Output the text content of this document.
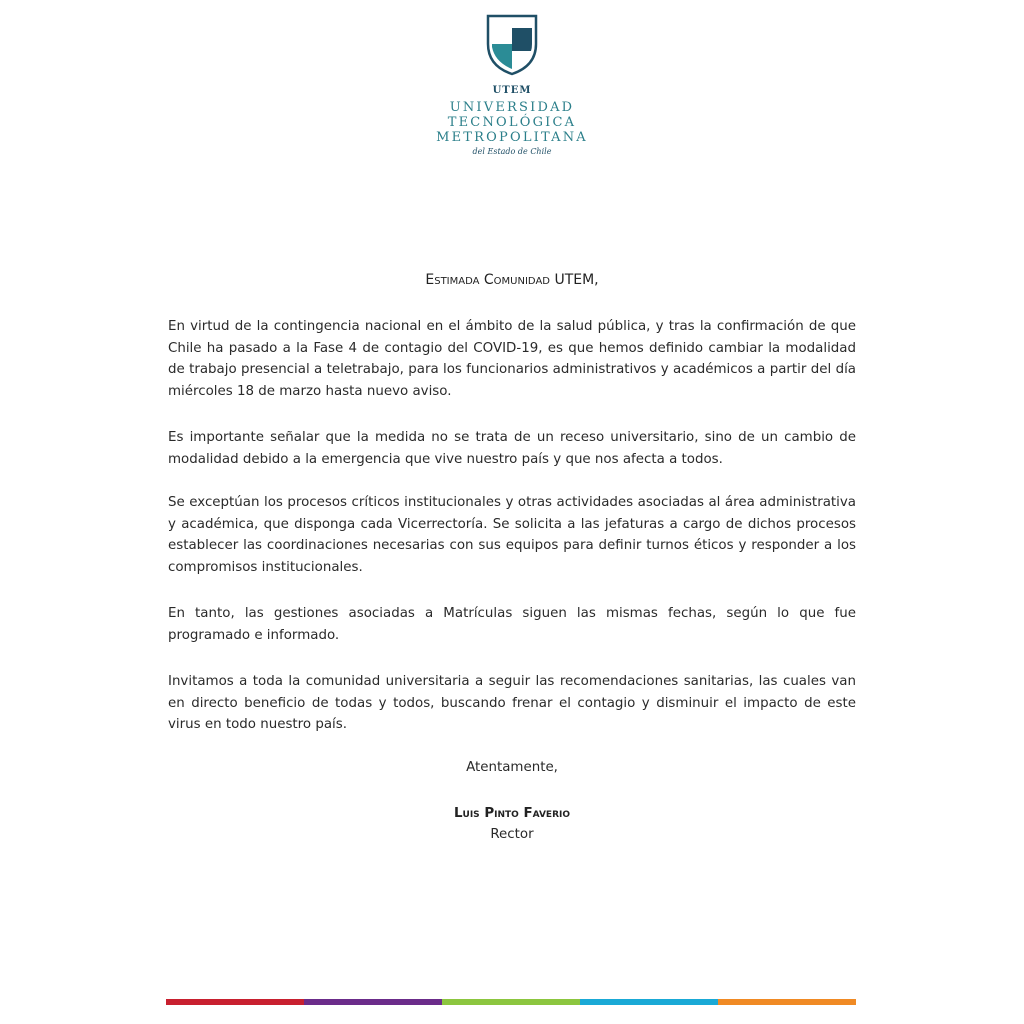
UTEM
UNIVERSIDAD
TECNOLÓGICA
METROPOLITANA
del Estado de Chile
Estimada Comunidad UTEM,

En virtud de la contingencia nacional en el ámbito de la salud pública, y tras la confirmación de que Chile ha pasado a la Fase 4 de contagio del COVID-19, es que hemos definido cambiar la modalidad de trabajo presencial a teletrabajo, para los funcionarios administrativos y académicos a partir del día miércoles 18 de marzo hasta nuevo aviso.

Es importante señalar que la medida no se trata de un receso universitario, sino de un cambio de modalidad debido a la emergencia que vive nuestro país y que nos afecta a todos.

Se exceptúan los procesos críticos institucionales y otras actividades asociadas al área administrativa y académica, que disponga cada Vicerrectoría. Se solicita a las jefaturas a cargo de dichos procesos establecer las coordinaciones necesarias con sus equipos para definir turnos éticos y responder a los compromisos institucionales.

En tanto, las gestiones asociadas a Matrículas siguen las mismas fechas, según lo que fue programado e informado.

Invitamos a toda la comunidad universitaria a seguir las recomendaciones sanitarias, las cuales van en directo beneficio de todas y todos, buscando frenar el contagio y disminuir el impacto de este virus en todo nuestro país.

Atentamente,
Luis Pinto Faverio
Rector
